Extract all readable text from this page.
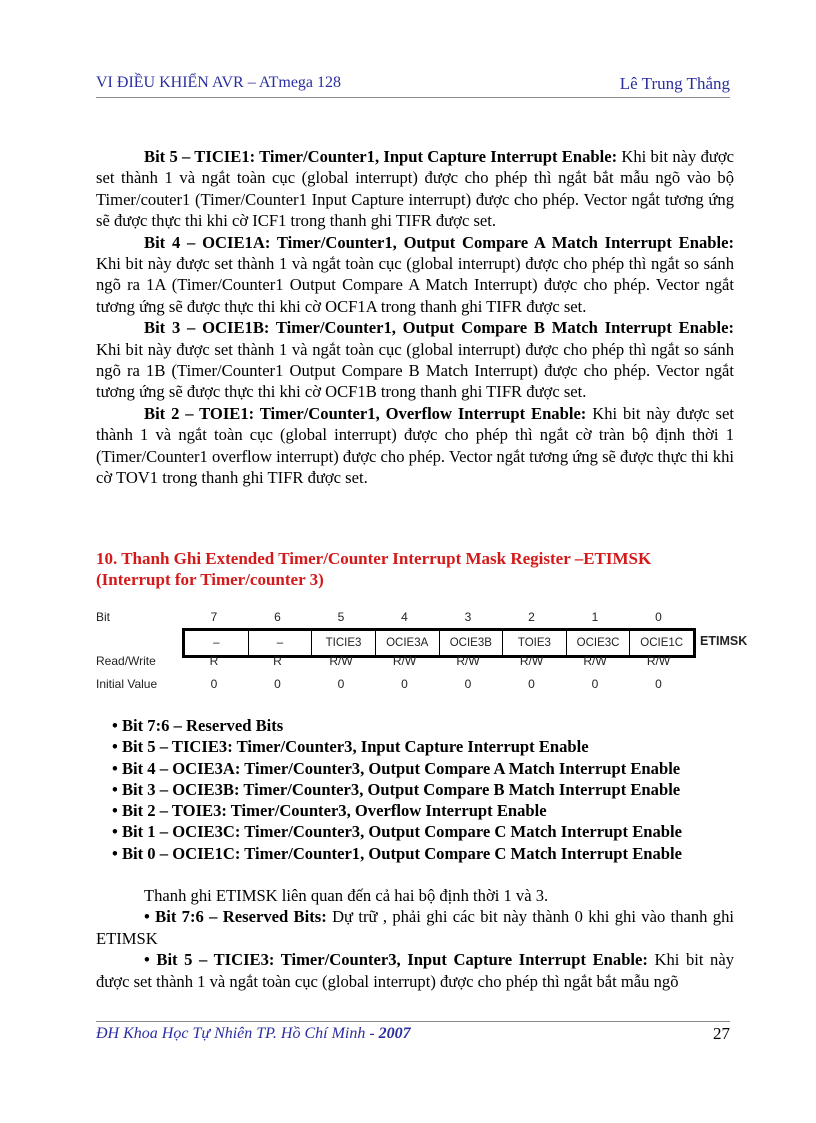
VI ĐIỀU KHIỂN AVR – ATmega 128	Lê Trung Thắng

Bit 5 – TICIE1: Timer/Counter1, Input Capture Interrupt Enable: Khi bit này được set thành 1 và ngắt toàn cục (global interrupt) được cho phép thì ngắt bắt mẫu ngõ vào bộ Timer/couter1 (Timer/Counter1 Input Capture interrupt) được cho phép. Vector ngắt tương ứng sẽ được thực thi khi cờ ICF1 trong thanh ghi TIFR được set.

Bit 4 – OCIE1A: Timer/Counter1, Output Compare A Match Interrupt Enable: Khi bit này được set thành 1 và ngắt toàn cục (global interrupt) được cho phép thì ngắt so sánh ngõ ra 1A (Timer/Counter1 Output Compare A Match Interrupt) được cho phép. Vector ngắt tương ứng sẽ được thực thi khi cờ OCF1A trong thanh ghi TIFR được set.

Bit 3 – OCIE1B: Timer/Counter1, Output Compare B Match Interrupt Enable: Khi bit này được set thành 1 và ngắt toàn cục (global interrupt) được cho phép thì ngắt so sánh ngõ ra 1B (Timer/Counter1 Output Compare B Match Interrupt) được cho phép. Vector ngắt tương ứng sẽ được thực thi khi cờ OCF1B trong thanh ghi TIFR được set.

Bit 2 – TOIE1: Timer/Counter1, Overflow Interrupt Enable: Khi bit này được set thành 1 và ngắt toàn cục (global interrupt) được cho phép thì ngắt cờ tràn bộ định thời 1 (Timer/Counter1 overflow interrupt) được cho phép. Vector ngắt tương ứng sẽ được thực thi khi cờ TOV1 trong thanh ghi TIFR được set.

10. Thanh Ghi Extended Timer/Counter Interrupt Mask Register –ETIMSK
(Interrupt for Timer/counter 3)
Bit	7	6	5	4	3	2	1	0
–	–	TICIE3	OCIE3A	OCIE3B	TOIE3	OCIE3C	OCIE1C	ETIMSK
Read/Write	R	R	R/W	R/W	R/W	R/W	R/W	R/W
Initial Value	0	0	0	0	0	0	0	0
• Bit 7:6 – Reserved Bits
• Bit 5 – TICIE3: Timer/Counter3, Input Capture Interrupt Enable
• Bit 4 – OCIE3A: Timer/Counter3, Output Compare A Match Interrupt Enable
• Bit 3 – OCIE3B: Timer/Counter3, Output Compare B Match Interrupt Enable
• Bit 2 – TOIE3: Timer/Counter3, Overflow Interrupt Enable
• Bit 1 – OCIE3C: Timer/Counter3, Output Compare C Match Interrupt Enable
• Bit 0 – OCIE1C: Timer/Counter1, Output Compare C Match Interrupt Enable

Thanh ghi ETIMSK liên quan đến cả hai bộ định thời 1 và 3.

• Bit 7:6 – Reserved Bits: Dự trữ , phải ghi các bit này thành 0 khi ghi vào thanh ghi ETIMSK

• Bit 5 – TICIE3: Timer/Counter3, Input Capture Interrupt Enable: Khi bit này được set thành 1 và ngắt toàn cục (global interrupt) được cho phép thì ngắt bắt mẫu ngõ

ĐH Khoa Học Tự Nhiên TP. Hồ Chí Minh - 2007	27
